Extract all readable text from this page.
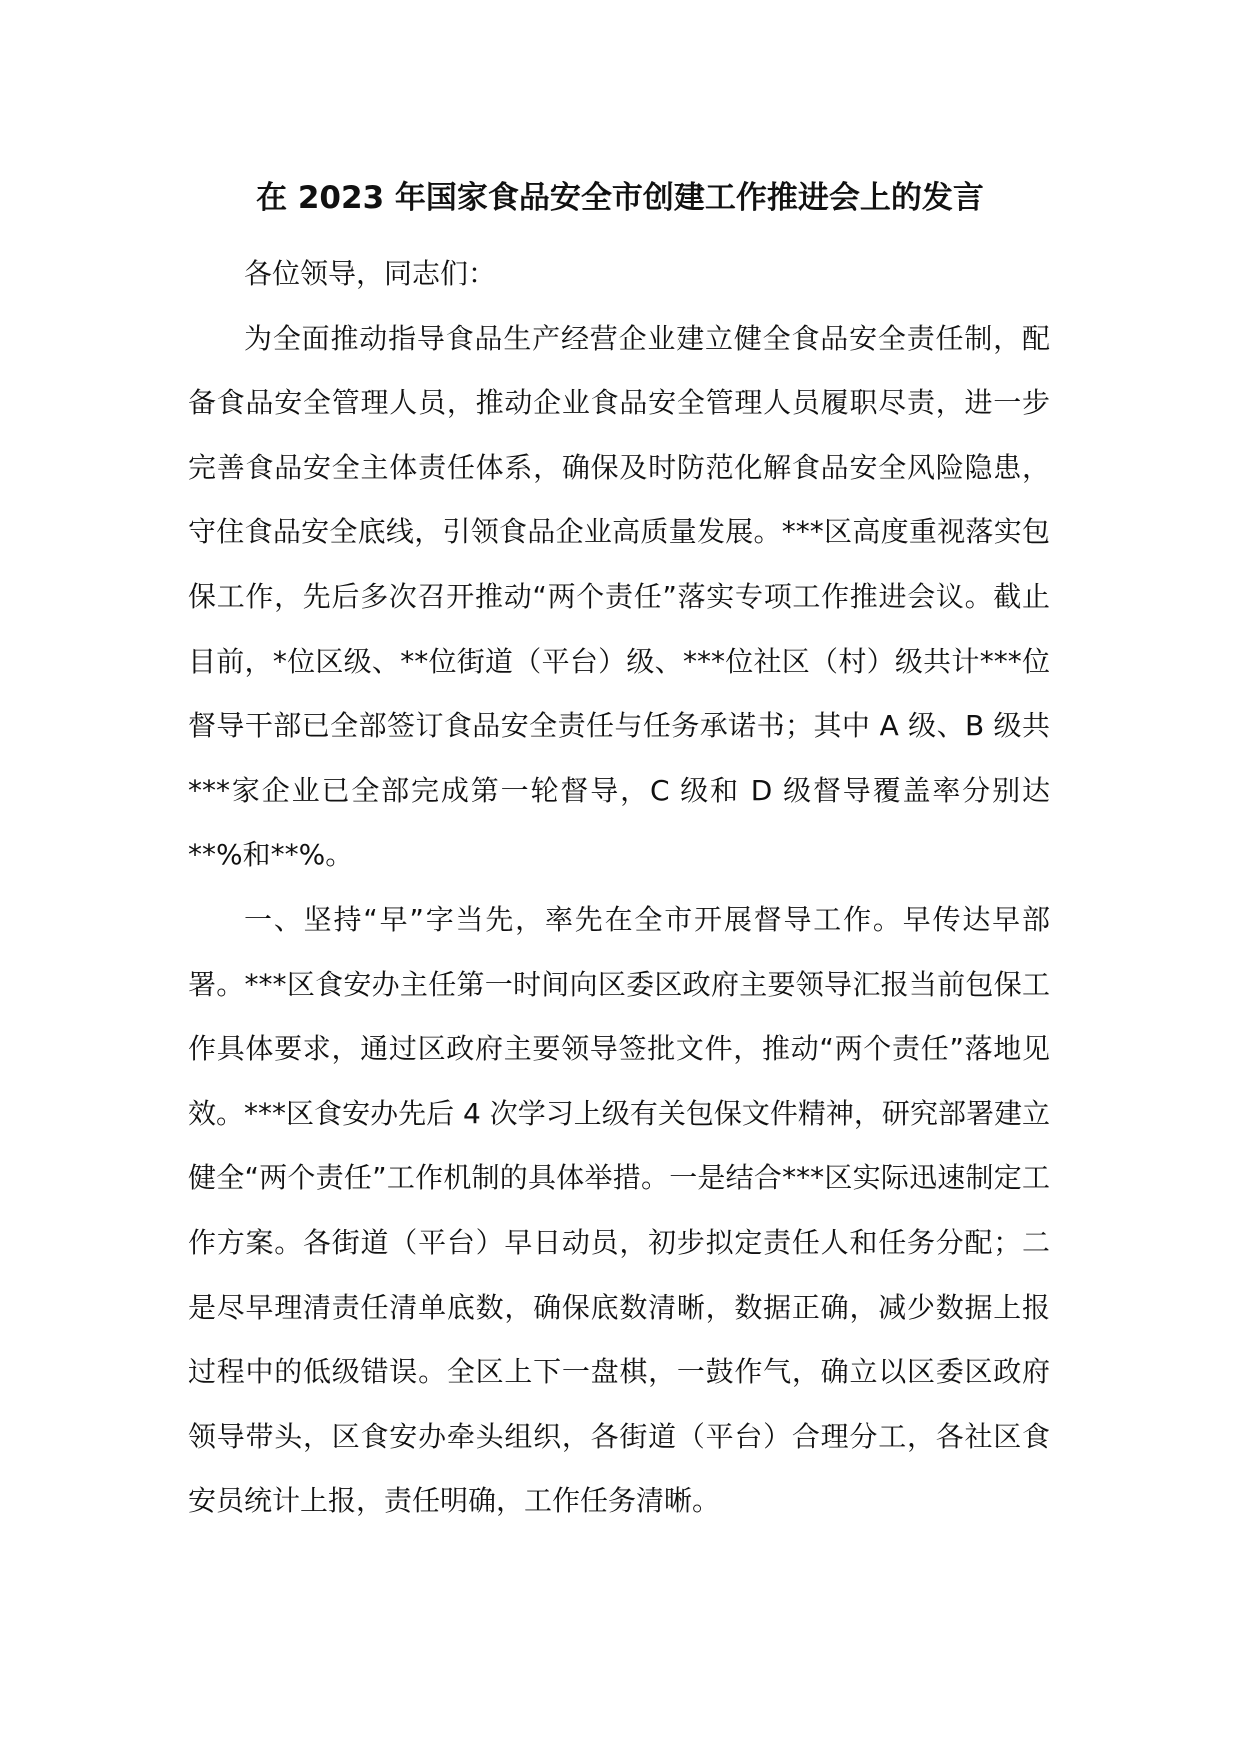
在 2023 年国家食品安全市创建工作推进会上的发言

各位领导，同志们：

为全面推动指导食品生产经营企业建立健全食品安全责任制，配备食品安全管理人员，推动企业食品安全管理人员履职尽责，进一步完善食品安全主体责任体系，确保及时防范化解食品安全风险隐患，守住食品安全底线，引领食品企业高质量发展。***区高度重视落实包保工作，先后多次召开推动“两个责任”落实专项工作推进会议。截止目前，*位区级、**位街道（平台）级、***位社区（村）级共计***位督导干部已全部签订食品安全责任与任务承诺书；其中 A 级、B 级共***家企业已全部完成第一轮督导，C 级和 D 级督导覆盖率分别达**%和**%。

一、坚持“早”字当先，率先在全市开展督导工作。早传达早部署。***区食安办主任第一时间向区委区政府主要领导汇报当前包保工作具体要求，通过区政府主要领导签批文件，推动“两个责任”落地见效。***区食安办先后 4 次学习上级有关包保文件精神，研究部署建立健全“两个责任”工作机制的具体举措。一是结合***区实际迅速制定工作方案。各街道（平台）早日动员，初步拟定责任人和任务分配；二是尽早理清责任清单底数，确保底数清晰，数据正确，减少数据上报过程中的低级错误。全区上下一盘棋，一鼓作气，确立以区委区政府领导带头，区食安办牵头组织，各街道（平台）合理分工，各社区食安员统计上报，责任明确，工作任务清晰。
